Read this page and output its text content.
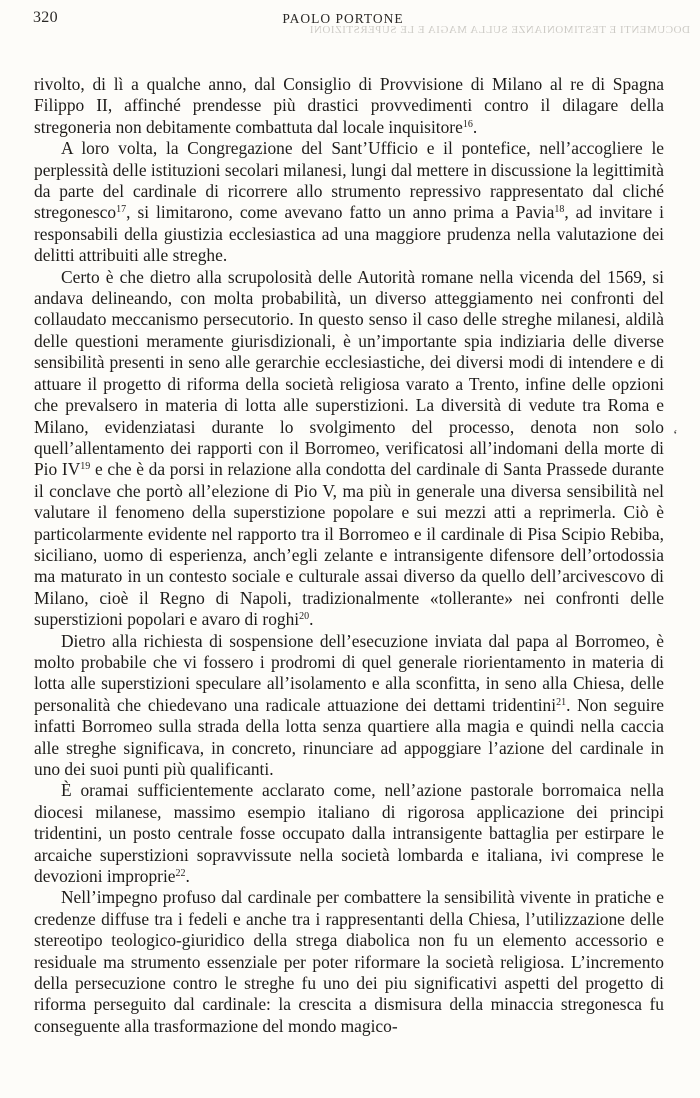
320	PAOLO PORTONE
DOCUMENTI E TESTIMONIANZE SULLA MAGIA E LE SUPERSTIZIONI

rivolto, di lì a qualche anno, dal Consiglio di Provvisione di Milano al re di Spagna Filippo II, affinché prendesse più drastici provvedimenti contro il dilagare della stregoneria non debitamente combattuta dal locale inquisitore$^{16}$.

A loro volta, la Congregazione del Sant’Ufficio e il pontefice, nell’accogliere le perplessità delle istituzioni secolari milanesi, lungi dal mettere in discussione la legittimità da parte del cardinale di ricorrere allo strumento repressivo rappresentato dal cliché stregonesco$^{17}$, si limitarono, come avevano fatto un anno prima a Pavia$^{18}$, ad invitare i responsabili della giustizia ecclesiastica ad una maggiore prudenza nella valutazione dei delitti attribuiti alle streghe.

Certo è che dietro alla scrupolosità delle Autorità romane nella vicenda del 1569, si andava delineando, con molta probabilità, un diverso atteggiamento nei confronti del collaudato meccanismo persecutorio. In questo senso il caso delle streghe milanesi, aldilà delle questioni meramente giurisdizionali, è un’importante spia indiziaria delle diverse sensibilità presenti in seno alle gerarchie ecclesiastiche, dei diversi modi di intendere e di attuare il progetto di riforma della società religiosa varato a Trento, infine delle opzioni che prevalsero in materia di lotta alle superstizioni. La diversità di vedute tra Roma e Milano, evidenziatasi durante lo svolgimento del processo, denota non solo quell’allentamento dei rapporti con il Borromeo, verificatosi all’indomani della morte di Pio IV$^{19}$ e che è da porsi in relazione alla condotta del cardinale di Santa Prassede durante il conclave che portò all’elezione di Pio V, ma più in generale una diversa sensibilità nel valutare il fenomeno della superstizione popolare e sui mezzi atti a reprimerla. Ciò è particolarmente evidente nel rapporto tra il Borromeo e il cardinale di Pisa Scipio Rebiba, siciliano, uomo di esperienza, anch’egli zelante e intransigente difensore dell’ortodossia ma maturato in un contesto sociale e culturale assai diverso da quello dell’arcivescovo di Milano, cioè il Regno di Napoli, tradizionalmente «tollerante» nei confronti delle superstizioni popolari e avaro di roghi$^{20}$.

Dietro alla richiesta di sospensione dell’esecuzione inviata dal papa al Borromeo, è molto probabile che vi fossero i prodromi di quel generale riorientamento in materia di lotta alle superstizioni speculare all’isolamento e alla sconfitta, in seno alla Chiesa, delle personalità che chiedevano una radicale attuazione dei dettami tridentini$^{21}$. Non seguire infatti Borromeo sulla strada della lotta senza quartiere alla magia e quindi nella caccia alle streghe significava, in concreto, rinunciare ad appoggiare l’azione del cardinale in uno dei suoi punti più qualificanti.

È oramai sufficientemente acclarato come, nell’azione pastorale borromaica nella diocesi milanese, massimo esempio italiano di rigorosa applicazione dei principi tridentini, un posto centrale fosse occupato dalla intransigente battaglia per estirpare le arcaiche superstizioni sopravvissute nella società lombarda e italiana, ivi comprese le devozioni improprie$^{22}$.

Nell’impegno profuso dal cardinale per combattere la sensibilità vivente in pratiche e credenze diffuse tra i fedeli e anche tra i rappresentanti della Chiesa, l’utilizzazione delle stereotipo teologico-giuridico della strega diabolica non fu un elemento accessorio e residuale ma strumento essenziale per poter riformare la società religiosa. L’incremento della persecuzione contro le streghe fu uno dei piu significativi aspetti del progetto di riforma perseguito dal cardinale: la crescita a dismisura della minaccia stregonesca fu conseguente alla trasformazione del mondo magico-

ʻ
